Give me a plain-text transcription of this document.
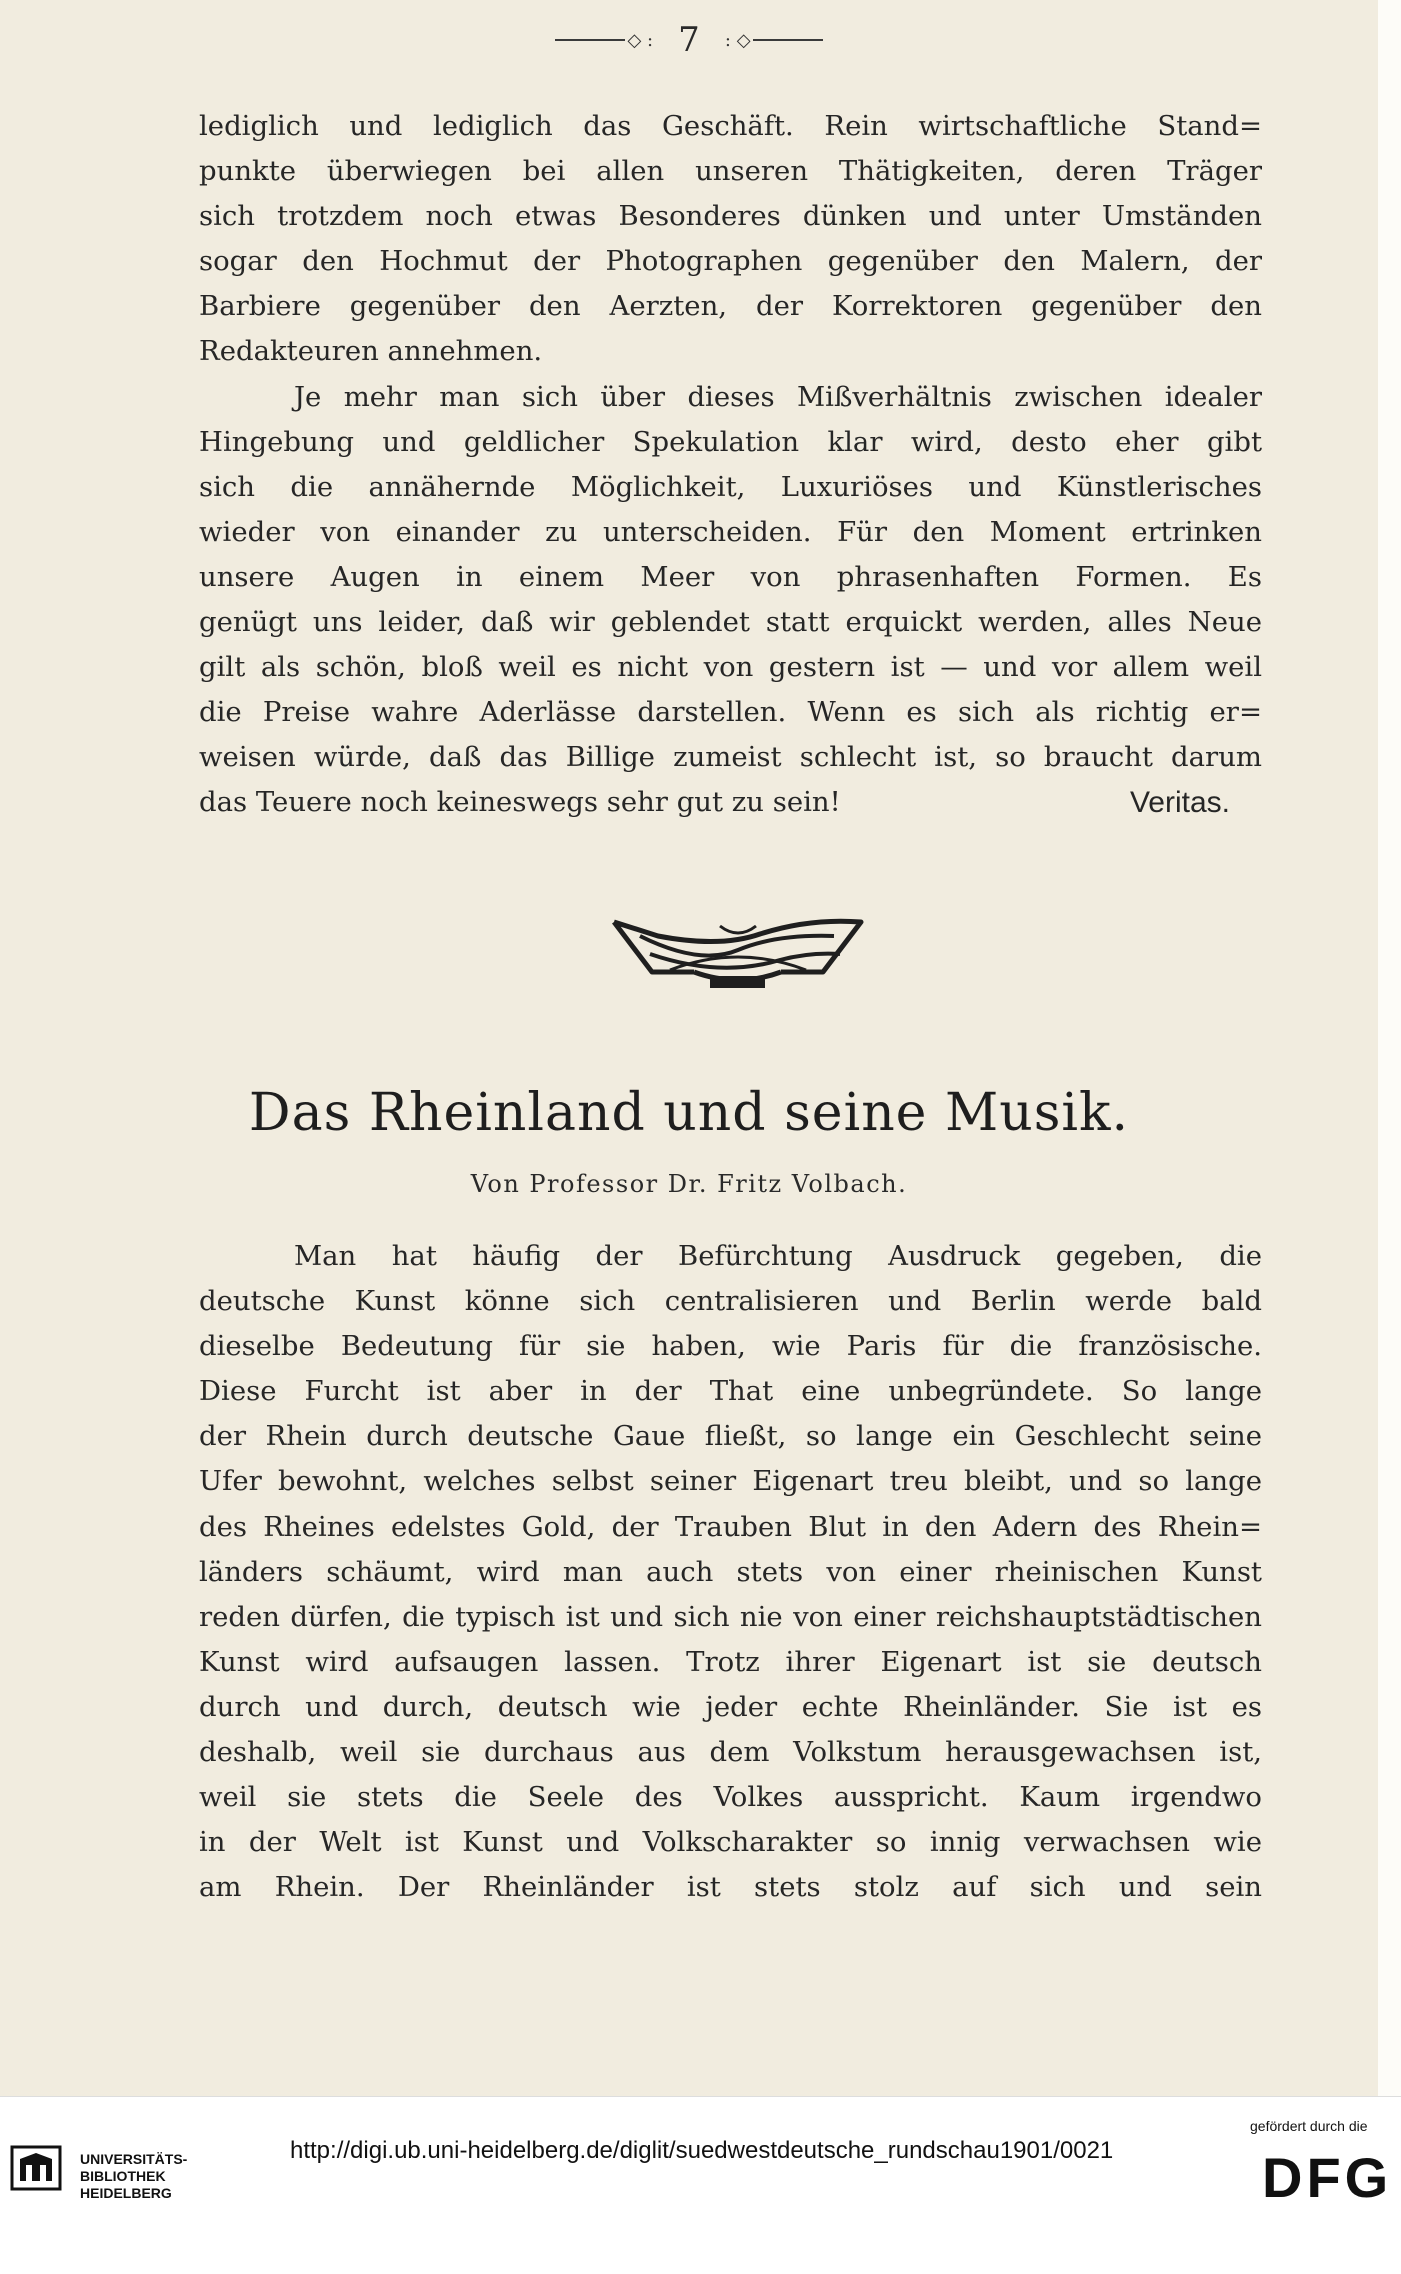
◇ : 7 : ◇
lediglich und lediglich das Geschäft. Rein wirtschaftliche Stand=
punkte überwiegen bei allen unseren Thätigkeiten, deren Träger
sich trotzdem noch etwas Besonderes dünken und unter Umständen
sogar den Hochmut der Photographen gegenüber den Malern, der
Barbiere gegenüber den Aerzten, der Korrektoren gegenüber den
Redakteuren annehmen.
Je mehr man sich über dieses Mißverhältnis zwischen idealer
Hingebung und geldlicher Spekulation klar wird, desto eher gibt
sich die annähernde Möglichkeit, Luxuriöses und Künstlerisches
wieder von einander zu unterscheiden. Für den Moment ertrinken
unsere Augen in einem Meer von phrasenhaften Formen. Es
genügt uns leider, daß wir geblendet statt erquickt werden, alles Neue
gilt als schön, bloß weil es nicht von gestern ist — und vor allem weil
die Preise wahre Aderlässe darstellen. Wenn es sich als richtig er=
weisen würde, daß das Billige zumeist schlecht ist, so braucht darum
das Teuere noch keineswegs sehr gut zu sein!	Veritas.
Das Rheinland und seine Musik.
Von Professor Dr. Fritz Volbach.
Man hat häufig der Befürchtung Ausdruck gegeben, die
deutsche Kunst könne sich centralisieren und Berlin werde bald
dieselbe Bedeutung für sie haben, wie Paris für die französische.
Diese Furcht ist aber in der That eine unbegründete. So lange
der Rhein durch deutsche Gaue fließt, so lange ein Geschlecht seine
Ufer bewohnt, welches selbst seiner Eigenart treu bleibt, und so lange
des Rheines edelstes Gold, der Trauben Blut in den Adern des Rhein=
länders schäumt, wird man auch stets von einer rheinischen Kunst
reden dürfen, die typisch ist und sich nie von einer reichshauptstädtischen
Kunst wird aufsaugen lassen. Trotz ihrer Eigenart ist sie deutsch
durch und durch, deutsch wie jeder echte Rheinländer. Sie ist es
deshalb, weil sie durchaus aus dem Volkstum herausgewachsen ist,
weil sie stets die Seele des Volkes ausspricht. Kaum irgendwo
in der Welt ist Kunst und Volkscharakter so innig verwachsen wie
am Rhein. Der Rheinländer ist stets stolz auf sich und sein
UNIVERSITÄTS-
BIBLIOTHEK
HEIDELBERG
http://digi.ub.uni-heidelberg.de/diglit/suedwestdeutsche_rundschau1901/0021
gefördert durch die
DFG
